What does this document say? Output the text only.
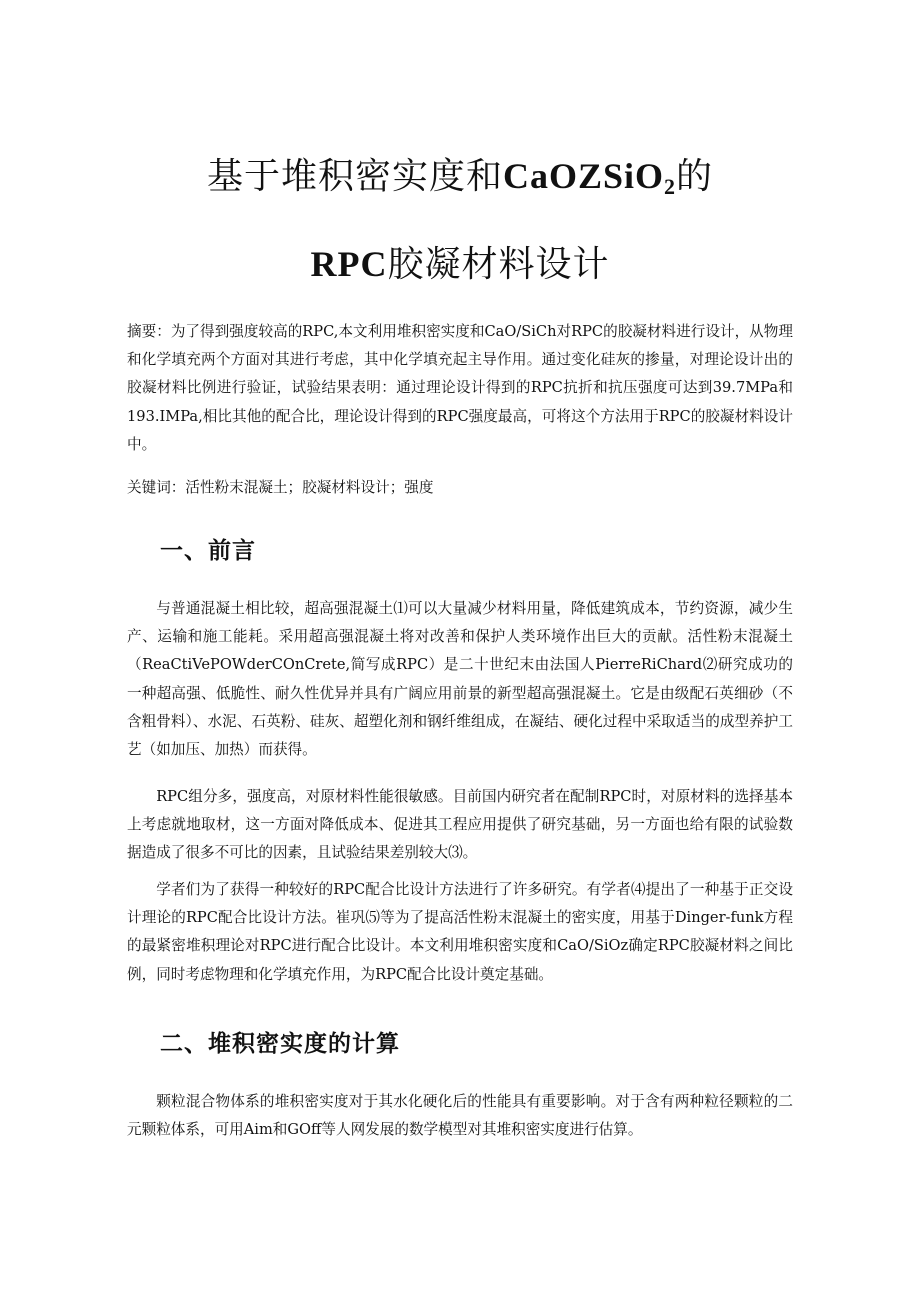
基于堆积密实度和CaOZSiO$_2$的
RPC胶凝材料设计

摘要：为了得到强度较高的RPC,本文利用堆积密实度和CaO/SiCh对RPC的胶凝材料进行设计，从物理和化学填充两个方面对其进行考虑，其中化学填充起主导作用。通过变化硅灰的掺量，对理论设计出的胶凝材料比例进行验证，试验结果表明：通过理论设计得到的RPC抗折和抗压强度可达到39.7MPa和193.IMPa,相比其他的配合比，理论设计得到的RPC强度最高，可将这个方法用于RPC的胶凝材料设计中。

关键词：活性粉末混凝土；胶凝材料设计；强度

一、前言

与普通混凝土相比较，超高强混凝土⑴可以大量减少材料用量，降低建筑成本，节约资源，减少生产、运输和施工能耗。采用超高强混凝土将对改善和保护人类环境作出巨大的贡献。活性粉末混凝土（ReaCtiVePOWderCOnCrete,简写成RPC）是二十世纪末由法国人PierreRiChard⑵研究成功的一种超高强、低脆性、耐久性优异并具有广阔应用前景的新型超高强混凝土。它是由级配石英细砂（不含粗骨料）、水泥、石英粉、硅灰、超塑化剂和钢纤维组成，在凝结、硬化过程中采取适当的成型养护工艺（如加压、加热）而获得。

RPC组分多，强度高，对原材料性能很敏感。目前国内研究者在配制RPC时，对原材料的选择基本上考虑就地取材，这一方面对降低成本、促进其工程应用提供了研究基础，另一方面也给有限的试验数据造成了很多不可比的因素，且试验结果差别较大⑶。

学者们为了获得一种较好的RPC配合比设计方法进行了许多研究。有学者⑷提出了一种基于正交设计理论的RPC配合比设计方法。崔巩⑸等为了提高活性粉末混凝土的密实度，用基于Dinger-funk方程的最紧密堆积理论对RPC进行配合比设计。本文利用堆积密实度和CaO/SiOz确定RPC胶凝材料之间比例，同时考虑物理和化学填充作用，为RPC配合比设计奠定基础。

二、堆积密实度的计算

颗粒混合物体系的堆积密实度对于其水化硬化后的性能具有重要影响。对于含有两种粒径颗粒的二元颗粒体系，可用Aim和GOff等人网发展的数学模型对其堆积密实度进行估算。
